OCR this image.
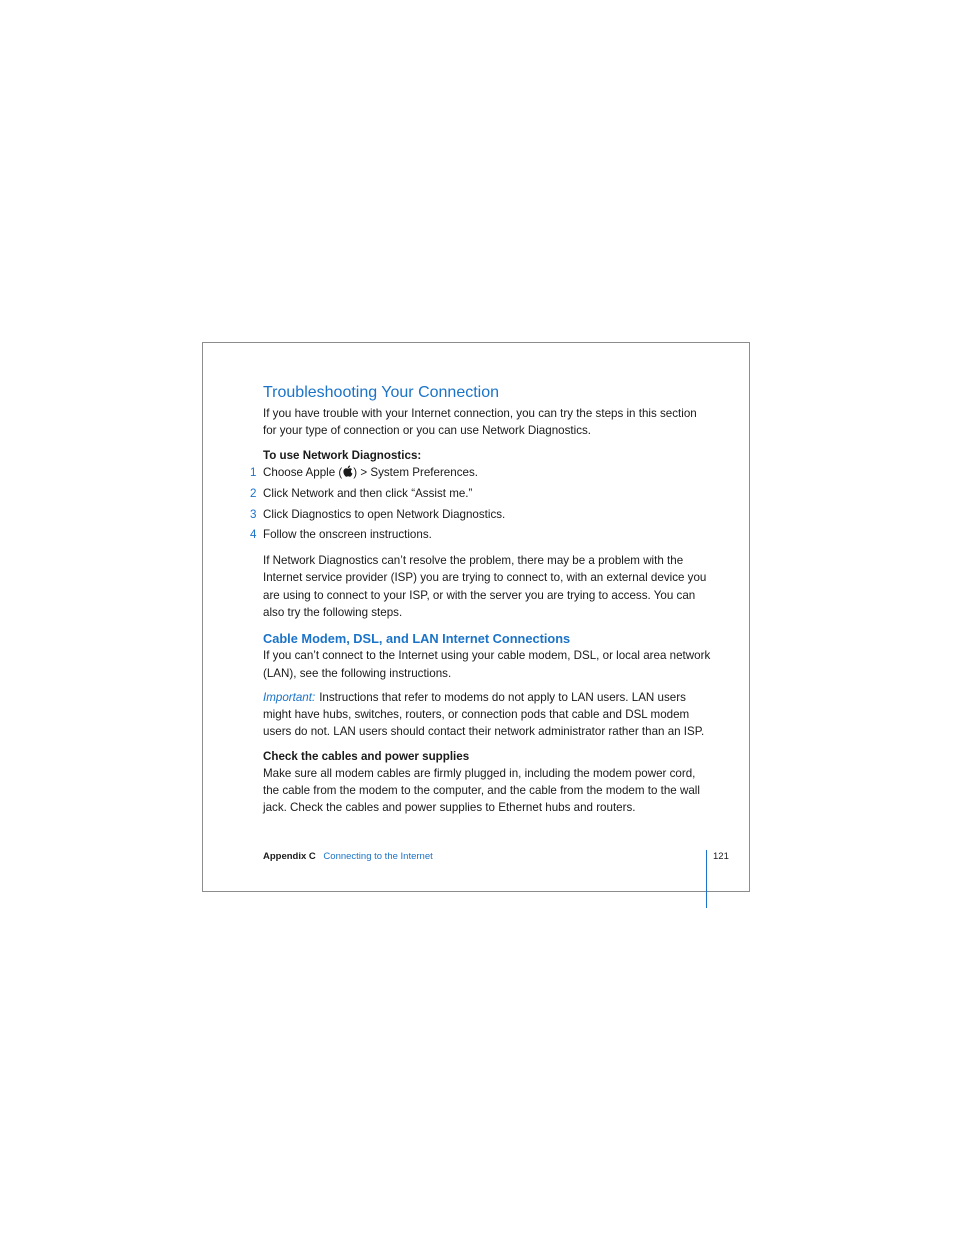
Troubleshooting Your Connection

If you have trouble with your Internet connection, you can try the steps in this section for your type of connection or you can use Network Diagnostics.

To use Network Diagnostics:

1 Choose Apple ( ) > System Preferences.
2 Click Network and then click “Assist me.”
3 Click Diagnostics to open Network Diagnostics.
4 Follow the onscreen instructions.

If Network Diagnostics can’t resolve the problem, there may be a problem with the Internet service provider (ISP) you are trying to connect to, with an external device you are using to connect to your ISP, or with the server you are trying to access. You can also try the following steps.

Cable Modem, DSL, and LAN Internet Connections

If you can’t connect to the Internet using your cable modem, DSL, or local area network (LAN), see the following instructions.

Important: Instructions that refer to modems do not apply to LAN users. LAN users might have hubs, switches, routers, or connection pods that cable and DSL modem users do not. LAN users should contact their network administrator rather than an ISP.

Check the cables and power supplies

Make sure all modem cables are firmly plugged in, including the modem power cord, the cable from the modem to the computer, and the cable from the modem to the wall jack. Check the cables and power supplies to Ethernet hubs and routers.

Appendix C Connecting to the Internet	121
